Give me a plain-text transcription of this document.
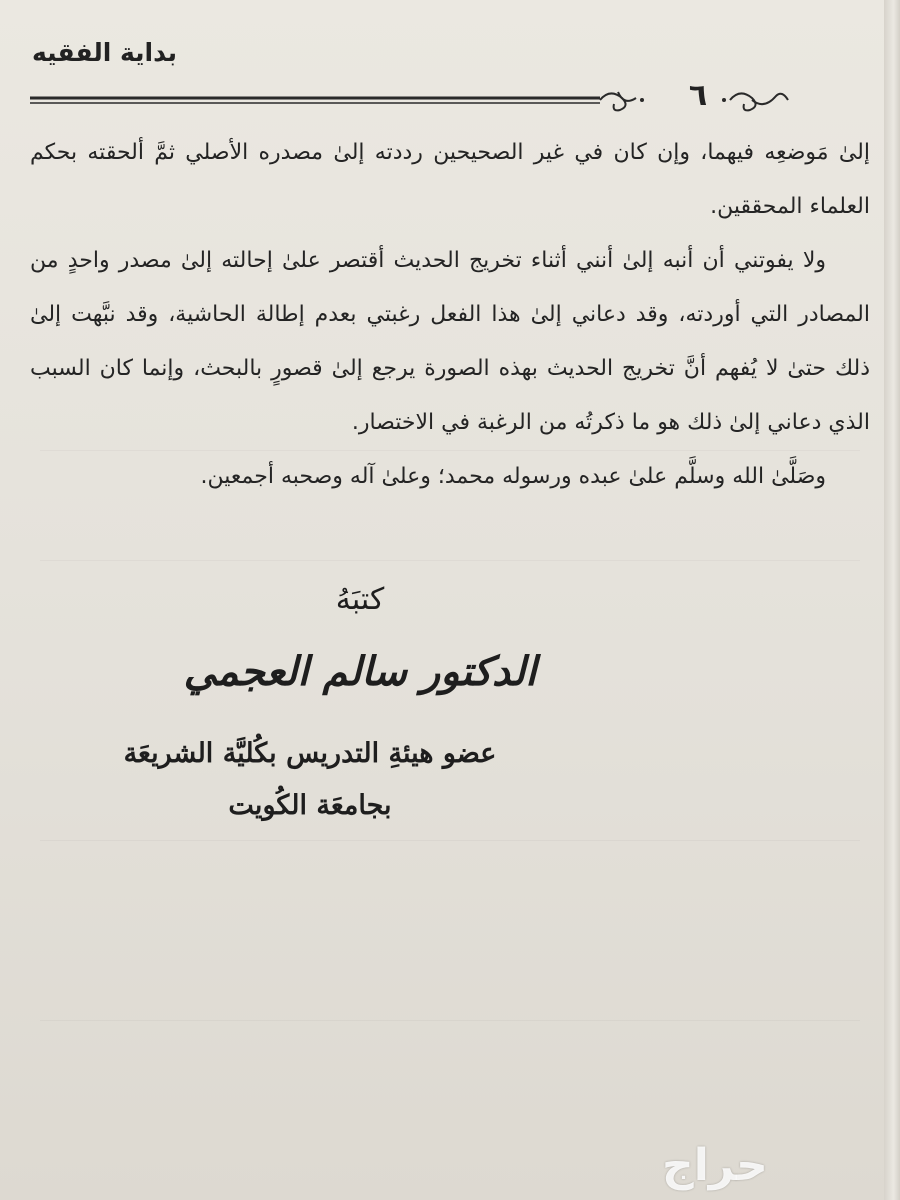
بداية الفقيه
٦

إلىٰ مَوضعِه فيهما، وإن كان في غير الصحيحين رددته إلىٰ مصدره الأصلي ثمَّ ألحقته بحكم العلماء المحققين.

ولا يفوتني أن أنبه إلىٰ أنني أثناء تخريج الحديث أقتصر علىٰ إحالته إلىٰ مصدر واحدٍ من المصادر التي أوردته، وقد دعاني إلىٰ هذا الفعل رغبتي بعدم إطالة الحاشية، وقد نبَّهت إلىٰ ذلك حتىٰ لا يُفهم أنَّ تخريج الحديث بهذه الصورة يرجع إلىٰ قصورٍ بالبحث، وإنما كان السبب الذي دعاني إلىٰ ذلك هو ما ذكرتُه من الرغبة في الاختصار.

وصَلَّىٰ الله وسلَّم علىٰ عبده ورسوله محمد؛ وعلىٰ آله وصحبه أجمعين.

كتبَهُ
الدكتور سالم العجمي
عضو هيئةِ التدريس بكُليَّة الشريعَة
بجامعَة الكُويت
حراج
